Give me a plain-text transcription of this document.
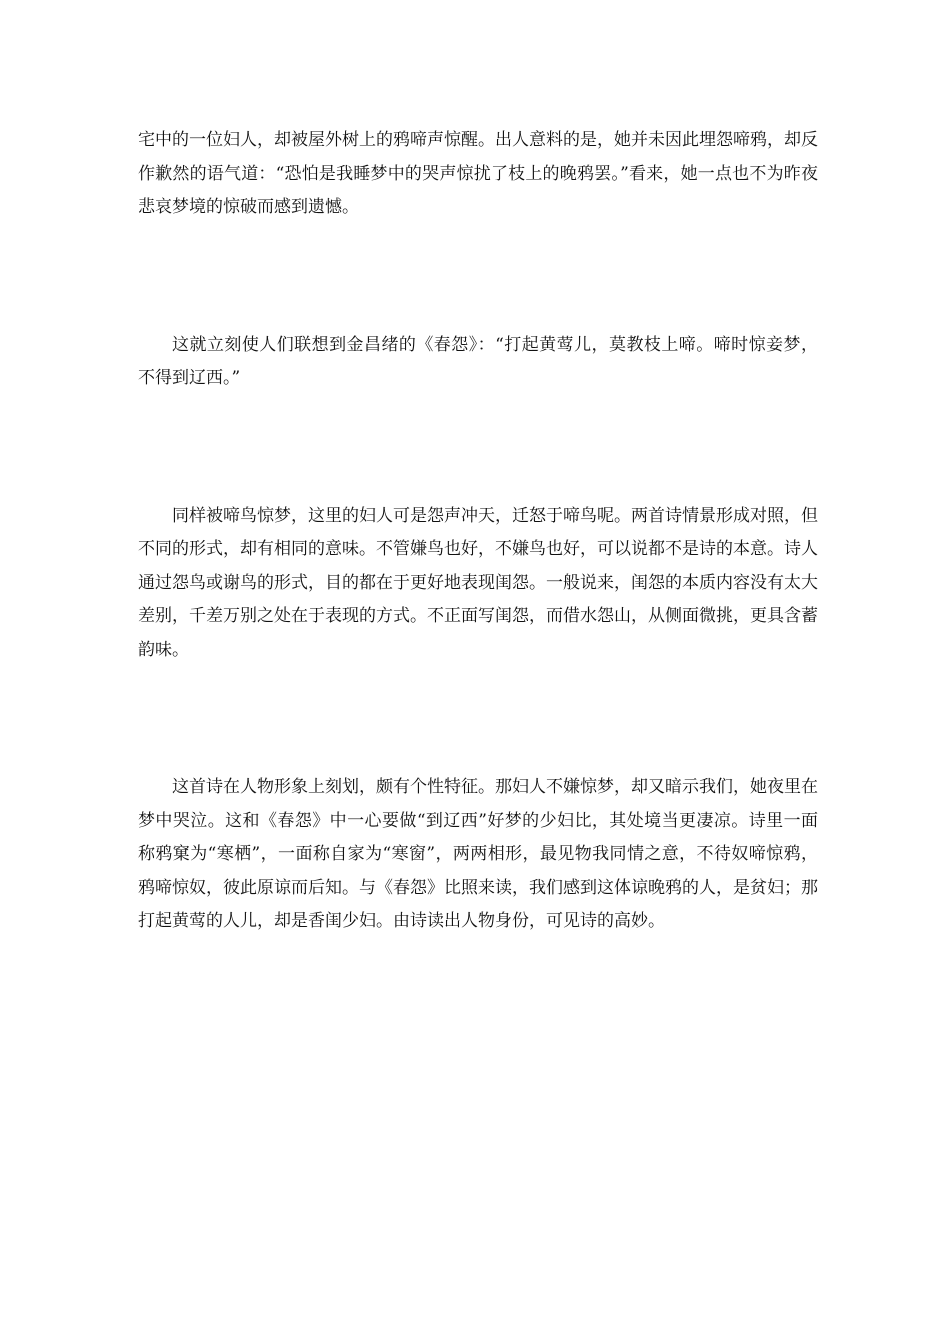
宅中的一位妇人，却被屋外树上的鸦啼声惊醒。出人意料的是，她并未因此埋怨啼鸦，却反作歉然的语气道：“恐怕是我睡梦中的哭声惊扰了枝上的晚鸦罢。”看来，她一点也不为昨夜悲哀梦境的惊破而感到遗憾。

这就立刻使人们联想到金昌绪的《春怨》：“打起黄莺儿，莫教枝上啼。啼时惊妾梦，不得到辽西。”

同样被啼鸟惊梦，这里的妇人可是怨声冲天，迁怒于啼鸟呢。两首诗情景形成对照，但不同的形式，却有相同的意味。不管嫌鸟也好，不嫌鸟也好，可以说都不是诗的本意。诗人通过怨鸟或谢鸟的形式，目的都在于更好地表现闺怨。一般说来，闺怨的本质内容没有太大差别，千差万别之处在于表现的方式。不正面写闺怨，而借水怨山，从侧面微挑，更具含蓄韵味。

这首诗在人物形象上刻划，颇有个性特征。那妇人不嫌惊梦，却又暗示我们，她夜里在梦中哭泣。这和《春怨》中一心要做“到辽西”好梦的少妇比，其处境当更凄凉。诗里一面称鸦窠为“寒栖”，一面称自家为“寒窗”，两两相形，最见物我同情之意，不待奴啼惊鸦，鸦啼惊奴，彼此原谅而后知。与《春怨》比照来读，我们感到这体谅晚鸦的人，是贫妇；那打起黄莺的人儿，却是香闺少妇。由诗读出人物身份，可见诗的高妙。
